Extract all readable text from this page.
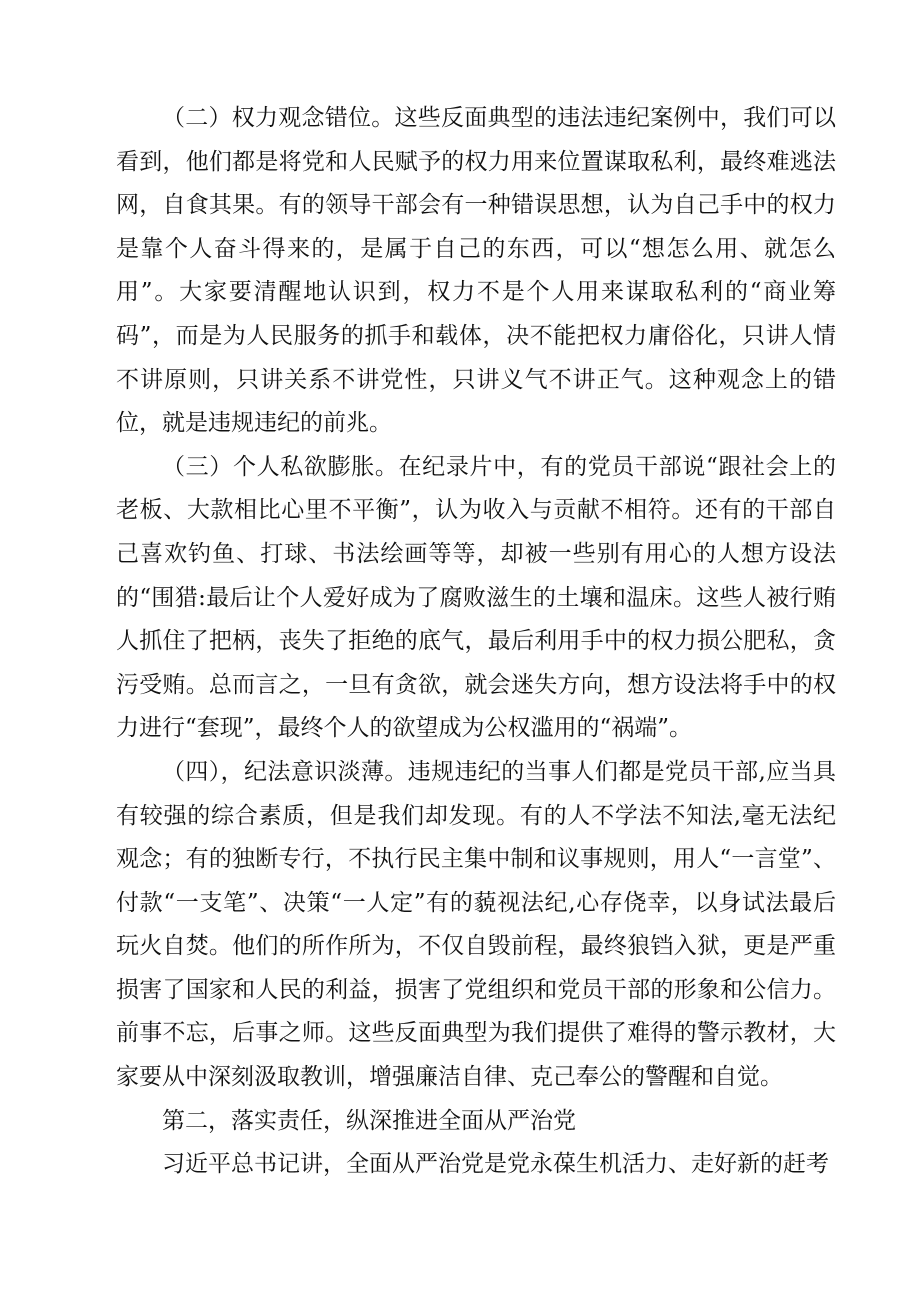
（二）权力观念错位。这些反面典型的违法违纪案例中，我们可以看到，他们都是将党和人民赋予的权力用来位置谋取私利，最终难逃法网，自食其果。有的领导干部会有一种错误思想，认为自己手中的权力是靠个人奋斗得来的，是属于自己的东西，可以“想怎么用、就怎么用”。大家要清醒地认识到，权力不是个人用来谋取私利的“商业筹码”，而是为人民服务的抓手和载体，决不能把权力庸俗化，只讲人情不讲原则，只讲关系不讲党性，只讲义气不讲正气。这种观念上的错位，就是违规违纪的前兆。

（三）个人私欲膨胀。在纪录片中，有的党员干部说“跟社会上的老板、大款相比心里不平衡”，认为收入与贡献不相符。还有的干部自己喜欢钓鱼、打球、书法绘画等等，却被一些别有用心的人想方设法的“围猎:最后让个人爱好成为了腐败滋生的土壤和温床。这些人被行贿人抓住了把柄，丧失了拒绝的底气，最后利用手中的权力损公肥私，贪污受贿。总而言之，一旦有贪欲，就会迷失方向，想方设法将手中的权力进行“套现”，最终个人的欲望成为公权滥用的“祸端”。

（四），纪法意识淡薄。违规违纪的当事人们都是党员干部,应当具有较强的综合素质，但是我们却发现。有的人不学法不知法,毫无法纪观念；有的独断专行，不执行民主集中制和议事规则，用人“一言堂”、付款“一支笔”、决策“一人定”有的藐视法纪,心存侥幸，以身试法最后玩火自焚。他们的所作所为，不仅自毁前程，最终狼铛入狱，更是严重损害了国家和人民的利益，损害了党组织和党员干部的形象和公信力。前事不忘，后事之师。这些反面典型为我们提供了难得的警示教材，大家要从中深刻汲取教训，增强廉洁自律、克己奉公的警醒和自觉。

第二，落实责任，纵深推进全面从严治党

习近平总书记讲，全面从严治党是党永葆生机活力、走好新的赶考
